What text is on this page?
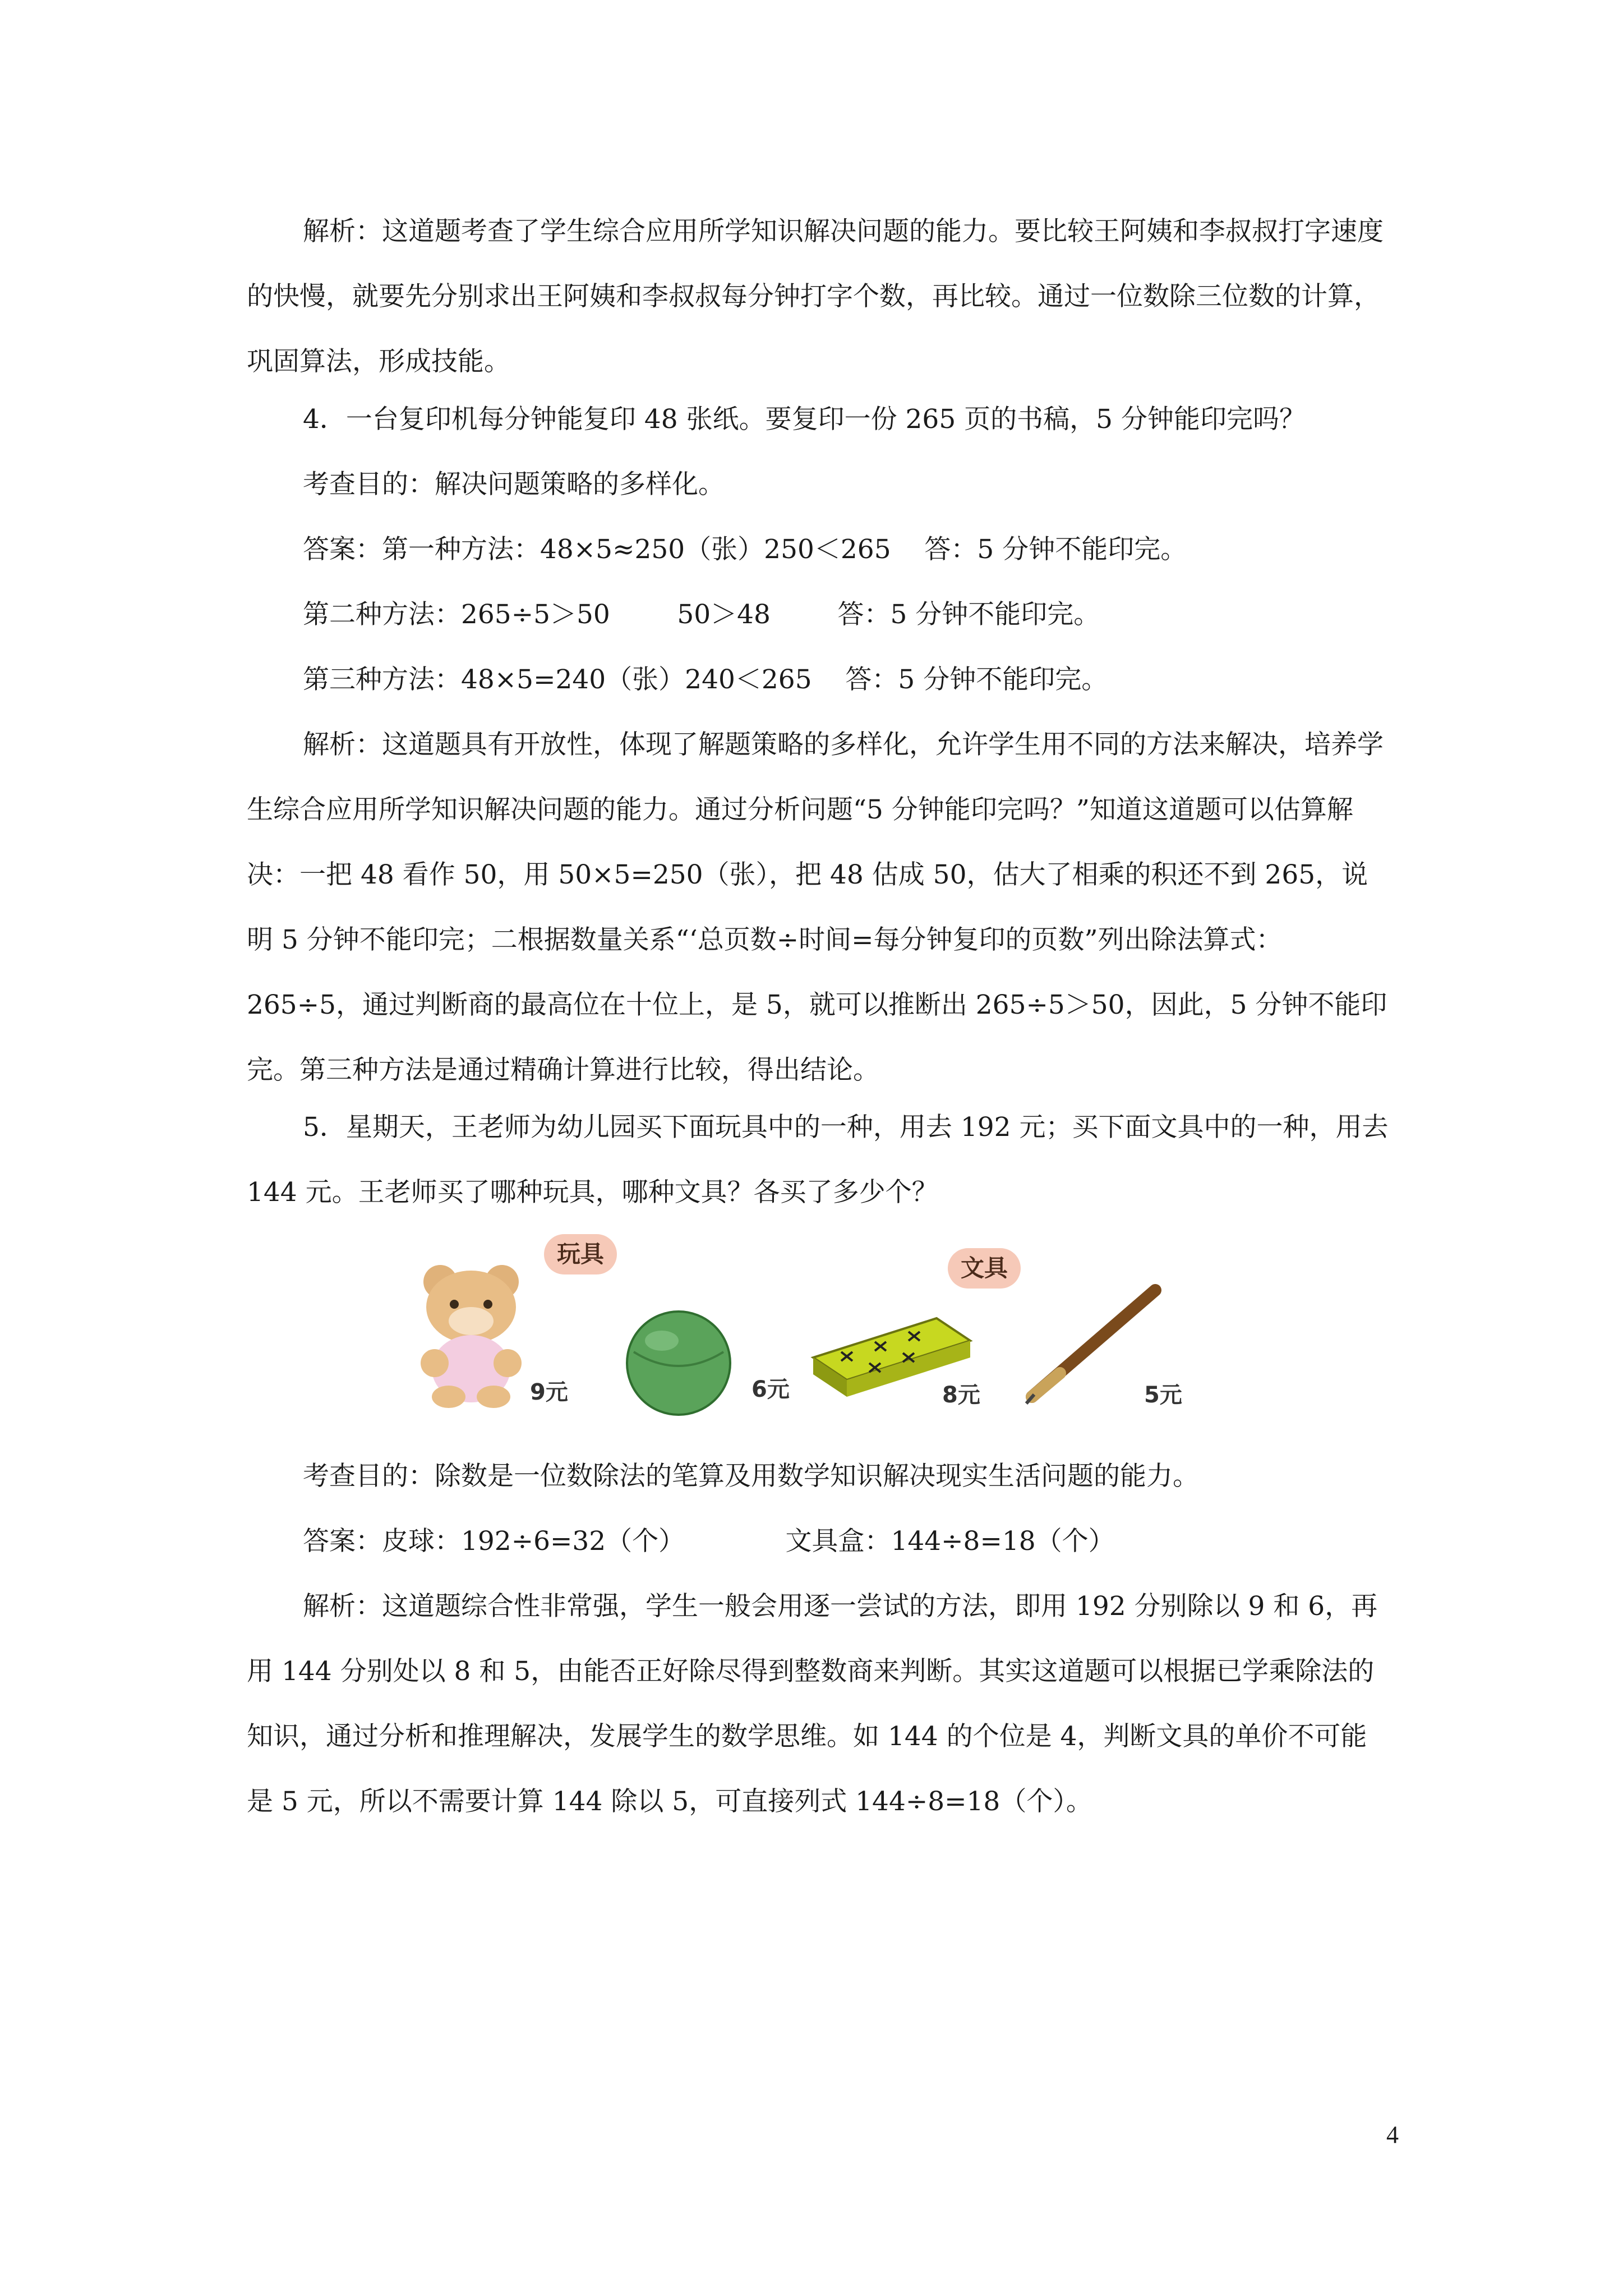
解析：这道题考查了学生综合应用所学知识解决问题的能力。要比较王阿姨和李叔叔打字速度的快慢，就要先分别求出王阿姨和李叔叔每分钟打字个数，再比较。通过一位数除三位数的计算，巩固算法，形成技能。

4．一台复印机每分钟能复印 48 张纸。要复印一份 265 页的书稿，5 分钟能印完吗？

考查目的：解决问题策略的多样化。

答案：第一种方法：48×5≈250（张）250＜265    答：5 分钟不能印完。

第二种方法：265÷5＞50        50＞48        答：5 分钟不能印完。

第三种方法：48×5=240（张）240＜265    答：5 分钟不能印完。

解析：这道题具有开放性，体现了解题策略的多样化，允许学生用不同的方法来解决，培养学生综合应用所学知识解决问题的能力。通过分析问题“5 分钟能印完吗？”知道这道题可以估算解决：一把 48 看作 50，用 50×5=250（张），把 48 估成 50，估大了相乘的积还不到 265，说明 5 分钟不能印完；二根据数量关系“‘总页数÷时间=每分钟复印的页数”列出除法算式：265÷5，通过判断商的最高位在十位上，是 5，就可以推断出 265÷5＞50，因此，5 分钟不能印完。第三种方法是通过精确计算进行比较，得出结论。

5．星期天，王老师为幼儿园买下面玩具中的一种，用去 192 元；买下面文具中的一种，用去 144 元。王老师买了哪种玩具，哪种文具？各买了多少个？

玩具
文具
9元	6元	8元	5元

考查目的：除数是一位数除法的笔算及用数学知识解决现实生活问题的能力。

答案：皮球：192÷6=32（个）            文具盒：144÷8=18（个）

解析：这道题综合性非常强，学生一般会用逐一尝试的方法，即用 192 分别除以 9 和 6，再用 144 分别处以 8 和 5，由能否正好除尽得到整数商来判断。其实这道题可以根据已学乘除法的知识，通过分析和推理解决，发展学生的数学思维。如 144 的个位是 4，判断文具的单价不可能是 5 元，所以不需要计算 144 除以 5，可直接列式 144÷8=18（个）。

4
